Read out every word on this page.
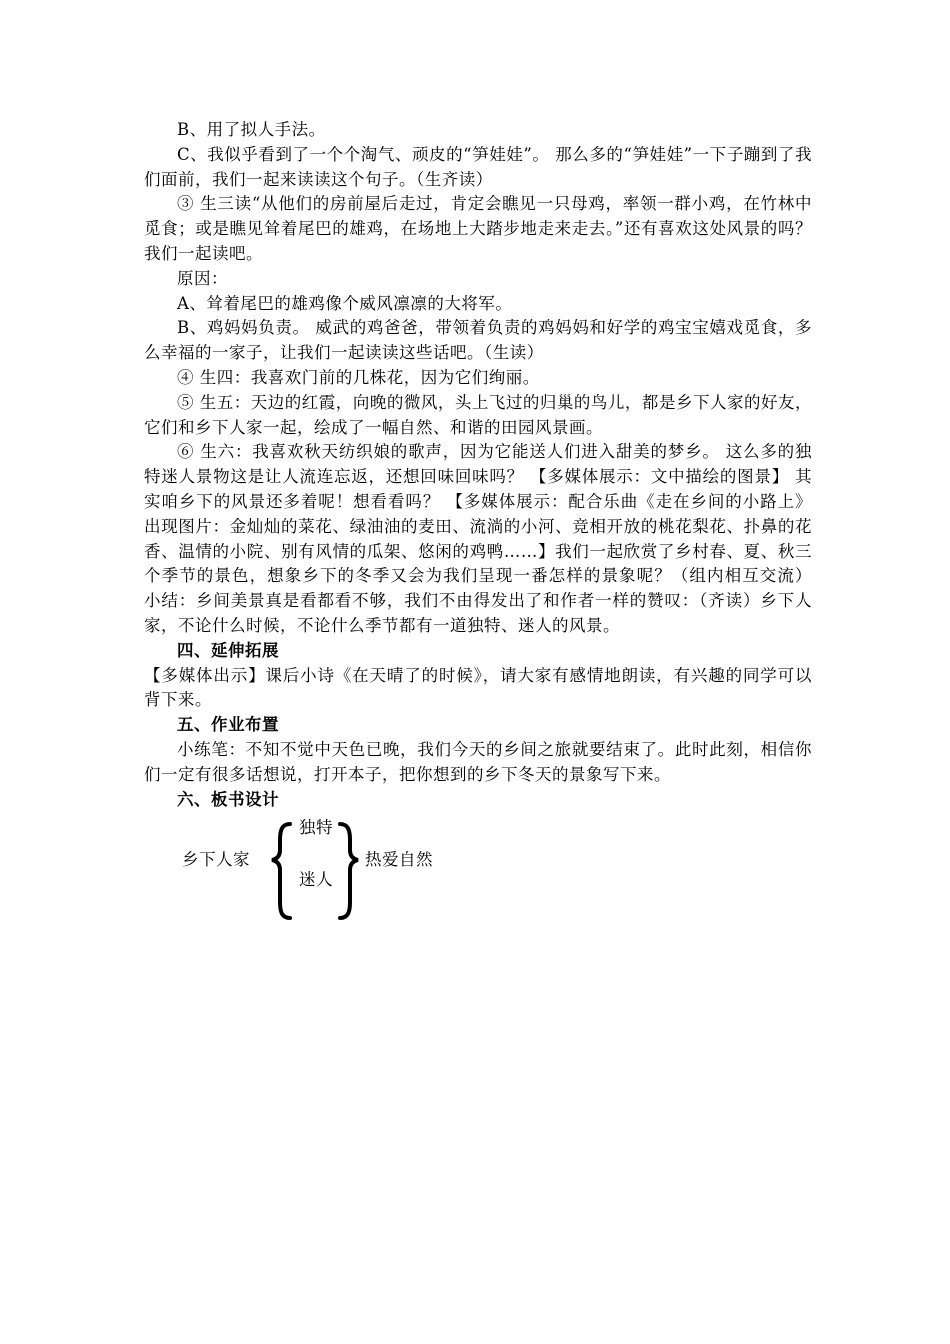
B、用了拟人手法。

C、我似乎看到了一个个淘气、顽皮的“笋娃娃”。 那么多的“笋娃娃”一下子蹦到了我们面前，我们一起来读读这个句子。（生齐读）

③ 生三读“从他们的房前屋后走过，肯定会瞧见一只母鸡，率领一群小鸡，在竹林中觅食；或是瞧见耸着尾巴的雄鸡，在场地上大踏步地走来走去。”还有喜欢这处风景的吗？我们一起读吧。

原因：

A、耸着尾巴的雄鸡像个威风凛凛的大将军。

B、鸡妈妈负责。 威武的鸡爸爸，带领着负责的鸡妈妈和好学的鸡宝宝嬉戏觅食，多么幸福的一家子，让我们一起读读这些话吧。（生读）

④ 生四：我喜欢门前的几株花，因为它们绚丽。

⑤ 生五：天边的红霞，向晚的微风，头上飞过的归巢的鸟儿，都是乡下人家的好友，它们和乡下人家一起，绘成了一幅自然、和谐的田园风景画。

⑥ 生六：我喜欢秋天纺织娘的歌声，因为它能送人们进入甜美的梦乡。 这么多的独特迷人景物这是让人流连忘返，还想回味回味吗？ 【多媒体展示：文中描绘的图景】 其实咱乡下的风景还多着呢！想看看吗？ 【多媒体展示：配合乐曲《走在乡间的小路上》出现图片：金灿灿的菜花、绿油油的麦田、流淌的小河、竞相开放的桃花梨花、扑鼻的花香、温情的小院、别有风情的瓜架、悠闲的鸡鸭……】我们一起欣赏了乡村春、夏、秋三个季节的景色，想象乡下的冬季又会为我们呈现一番怎样的景象呢？（组内相互交流） 小结：乡间美景真是看都看不够，我们不由得发出了和作者一样的赞叹：（齐读）乡下人家，不论什么时候，不论什么季节都有一道独特、迷人的风景。

四、延伸拓展

【多媒体出示】课后小诗《在天晴了的时候》，请大家有感情地朗读，有兴趣的同学可以背下来。

五、作业布置

小练笔：不知不觉中天色已晚，我们今天的乡间之旅就要结束了。此时此刻，相信你们一定有很多话想说，打开本子，把你想到的乡下冬天的景象写下来。

六、板书设计

乡下人家
独特
迷人
热爱自然
